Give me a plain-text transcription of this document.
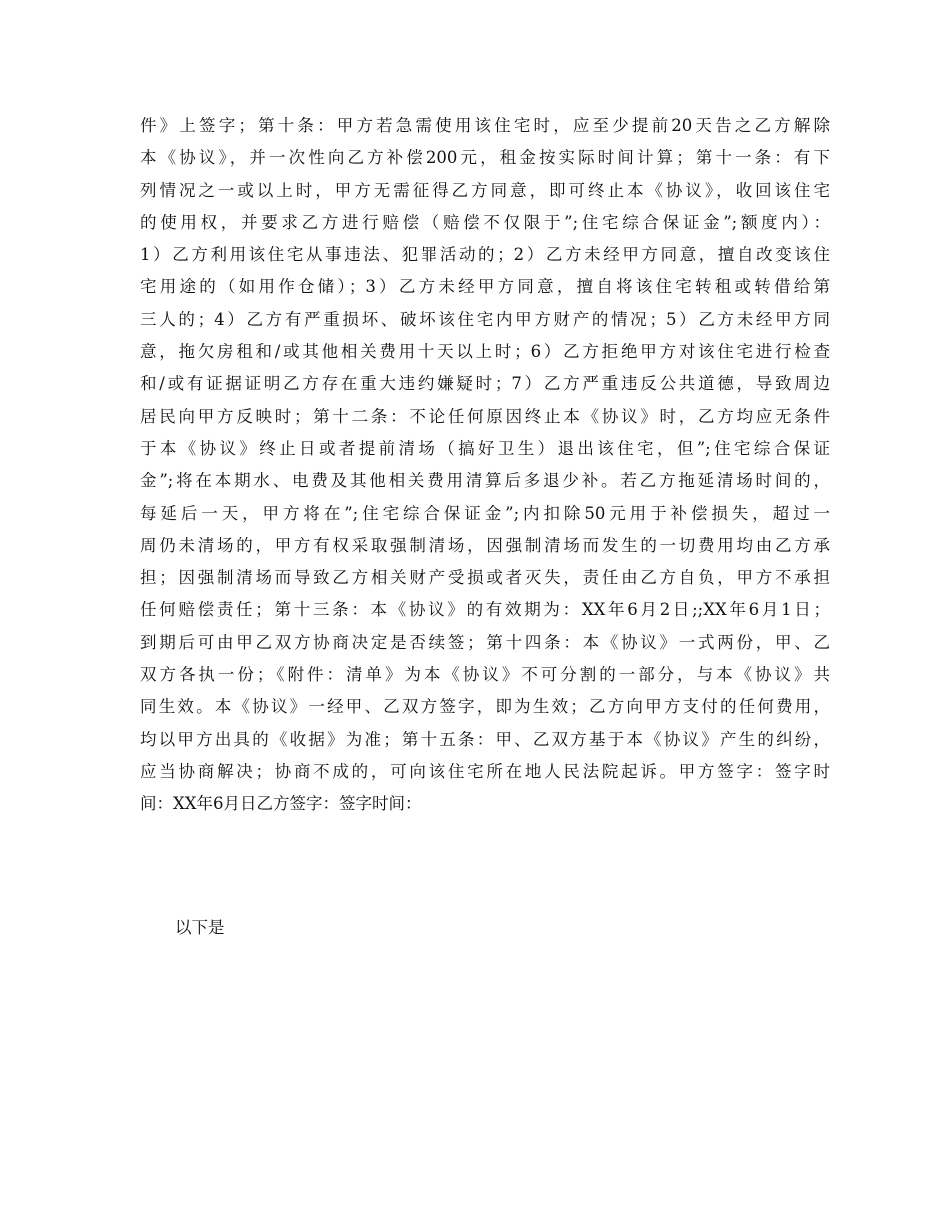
件》上签字；第十条：甲方若急需使用该住宅时，应至少提前20天告之乙方解除
本《协议》，并一次性向乙方补偿200元，租金按实际时间计算；第十一条：有下
列情况之一或以上时，甲方无需征得乙方同意，即可终止本《协议》，收回该住宅
的使用权，并要求乙方进行赔偿（赔偿不仅限于”;住宅综合保证金”;额度内）：
1）乙方利用该住宅从事违法、犯罪活动的；2）乙方未经甲方同意，擅自改变该住
宅用途的（如用作仓储）；3）乙方未经甲方同意，擅自将该住宅转租或转借给第
三人的；4）乙方有严重损坏、破坏该住宅内甲方财产的情况；5）乙方未经甲方同
意，拖欠房租和/或其他相关费用十天以上时；6）乙方拒绝甲方对该住宅进行检查
和/或有证据证明乙方存在重大违约嫌疑时；7）乙方严重违反公共道德，导致周边
居民向甲方反映时；第十二条：不论任何原因终止本《协议》时，乙方均应无条件
于本《协议》终止日或者提前清场（搞好卫生）退出该住宅，但”;住宅综合保证
金”;将在本期水、电费及其他相关费用清算后多退少补。若乙方拖延清场时间的，
每延后一天，甲方将在”;住宅综合保证金”;内扣除50元用于补偿损失，超过一
周仍未清场的，甲方有权采取强制清场，因强制清场而发生的一切费用均由乙方承
担；因强制清场而导致乙方相关财产受损或者灭失，责任由乙方自负，甲方不承担
任何赔偿责任；第十三条：本《协议》的有效期为：XX年6月2日;;XX年6月1日；
到期后可由甲乙双方协商决定是否续签；第十四条：本《协议》一式两份，甲、乙
双方各执一份；《附件：清单》为本《协议》不可分割的一部分，与本《协议》共
同生效。本《协议》一经甲、乙双方签字，即为生效；乙方向甲方支付的任何费用，
均以甲方出具的《收据》为准；第十五条：甲、乙双方基于本《协议》产生的纠纷，
应当协商解决；协商不成的，可向该住宅所在地人民法院起诉。甲方签字：签字时
间：XX年6月日乙方签字：签字时间：
以下是
